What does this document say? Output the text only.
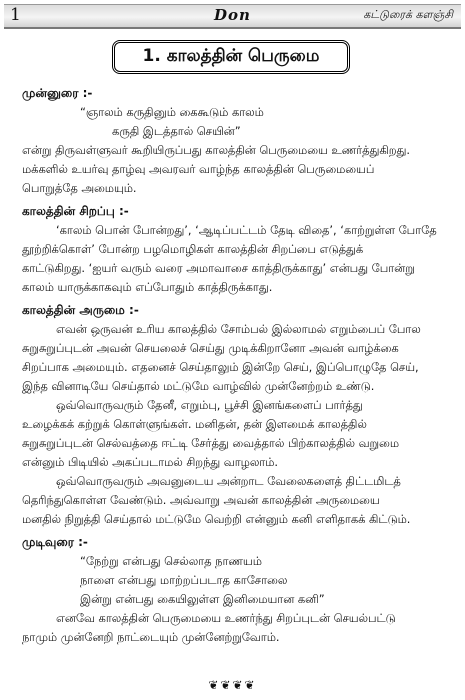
1	Don	கட்டுரைக் களஞ்சி
1. காலத்தின் பெருமை
முன்னுரை :-
“ஞாலம் கருதினும் கைகூடும் காலம்
கருதி இடத்தால் செயின்”
என்று திருவள்ளுவர் கூறியிருப்பது காலத்தின் பெருமையை உணர்த்துகிறது.
மக்களில் உயர்வு தாழ்வு அவரவர் வாழ்ந்த காலத்தின் பெருமையைப்
பொறுத்தே அமையும்.
காலத்தின் சிறப்பு :-
‘காலம் பொன் போன்றது’, ‘ஆடிப்பட்டம் தேடி விதை’, ‘காற்றுள்ள போதே
தூற்றிக்கொள்’ போன்ற பழமொழிகள் காலத்தின் சிறப்பை எடுத்துக்
காட்டுகிறது. ‘ஐயர் வரும் வரை அமாவாசை காத்திருக்காது’ என்பது போன்று
காலம் யாருக்காகவும் எப்போதும் காத்திருக்காது.
காலத்தின் அருமை :-
எவன் ஒருவன் உரிய காலத்தில் சோம்பல் இல்லாமல் எறும்பைப் போல
சுறுசுறுப்புடன் அவன் செயலைச் செய்து முடிக்கிறானோ அவன் வாழ்க்கை
சிறப்பாக அமையும். எதனைச் செய்தாலும் இன்றே செய், இப்பொழுதே செய்,
இந்த வினாடியே செய்தால் மட்டுமே வாழ்வில் முன்னேற்றம் உண்டு.
ஒவ்வொருவரும் தேனீ, எறும்பு, பூச்சி இனங்களைப் பார்த்து
உழைக்கக் கற்றுக் கொள்ளுங்கள். மனிதன், தன் இளமைக் காலத்தில்
சுறுசுறுப்புடன் செல்வத்தை ஈட்டி சேர்த்து வைத்தால் பிற்காலத்தில் வறுமை
என்னும் பிடியில் அகப்படாமல் சிறந்து வாழலாம்.
ஒவ்வொருவரும் அவனுடைய அன்றாட வேலைகளைத் திட்டமிடத்
தெரிந்துகொள்ள வேண்டும். அவ்வாறு அவன் காலத்தின் அருமையை
மனதில் நிறுத்தி செய்தால் மட்டுமே வெற்றி என்னும் கனி எளிதாகக் கிட்டும்.
முடிவுரை :-
“நேற்று என்பது செல்லாத நாணயம்
நாளை என்பது மாற்றப்படாத காசோலை
இன்று என்பது கையிலுள்ள இனிமையான கனி”
எனவே காலத்தின் பெருமையை உணர்ந்து சிறப்புடன் செயல்பட்டு
நாமும் முன்னேறி நாட்டையும் முன்னேற்றுவோம்.
❦❦❦❦
